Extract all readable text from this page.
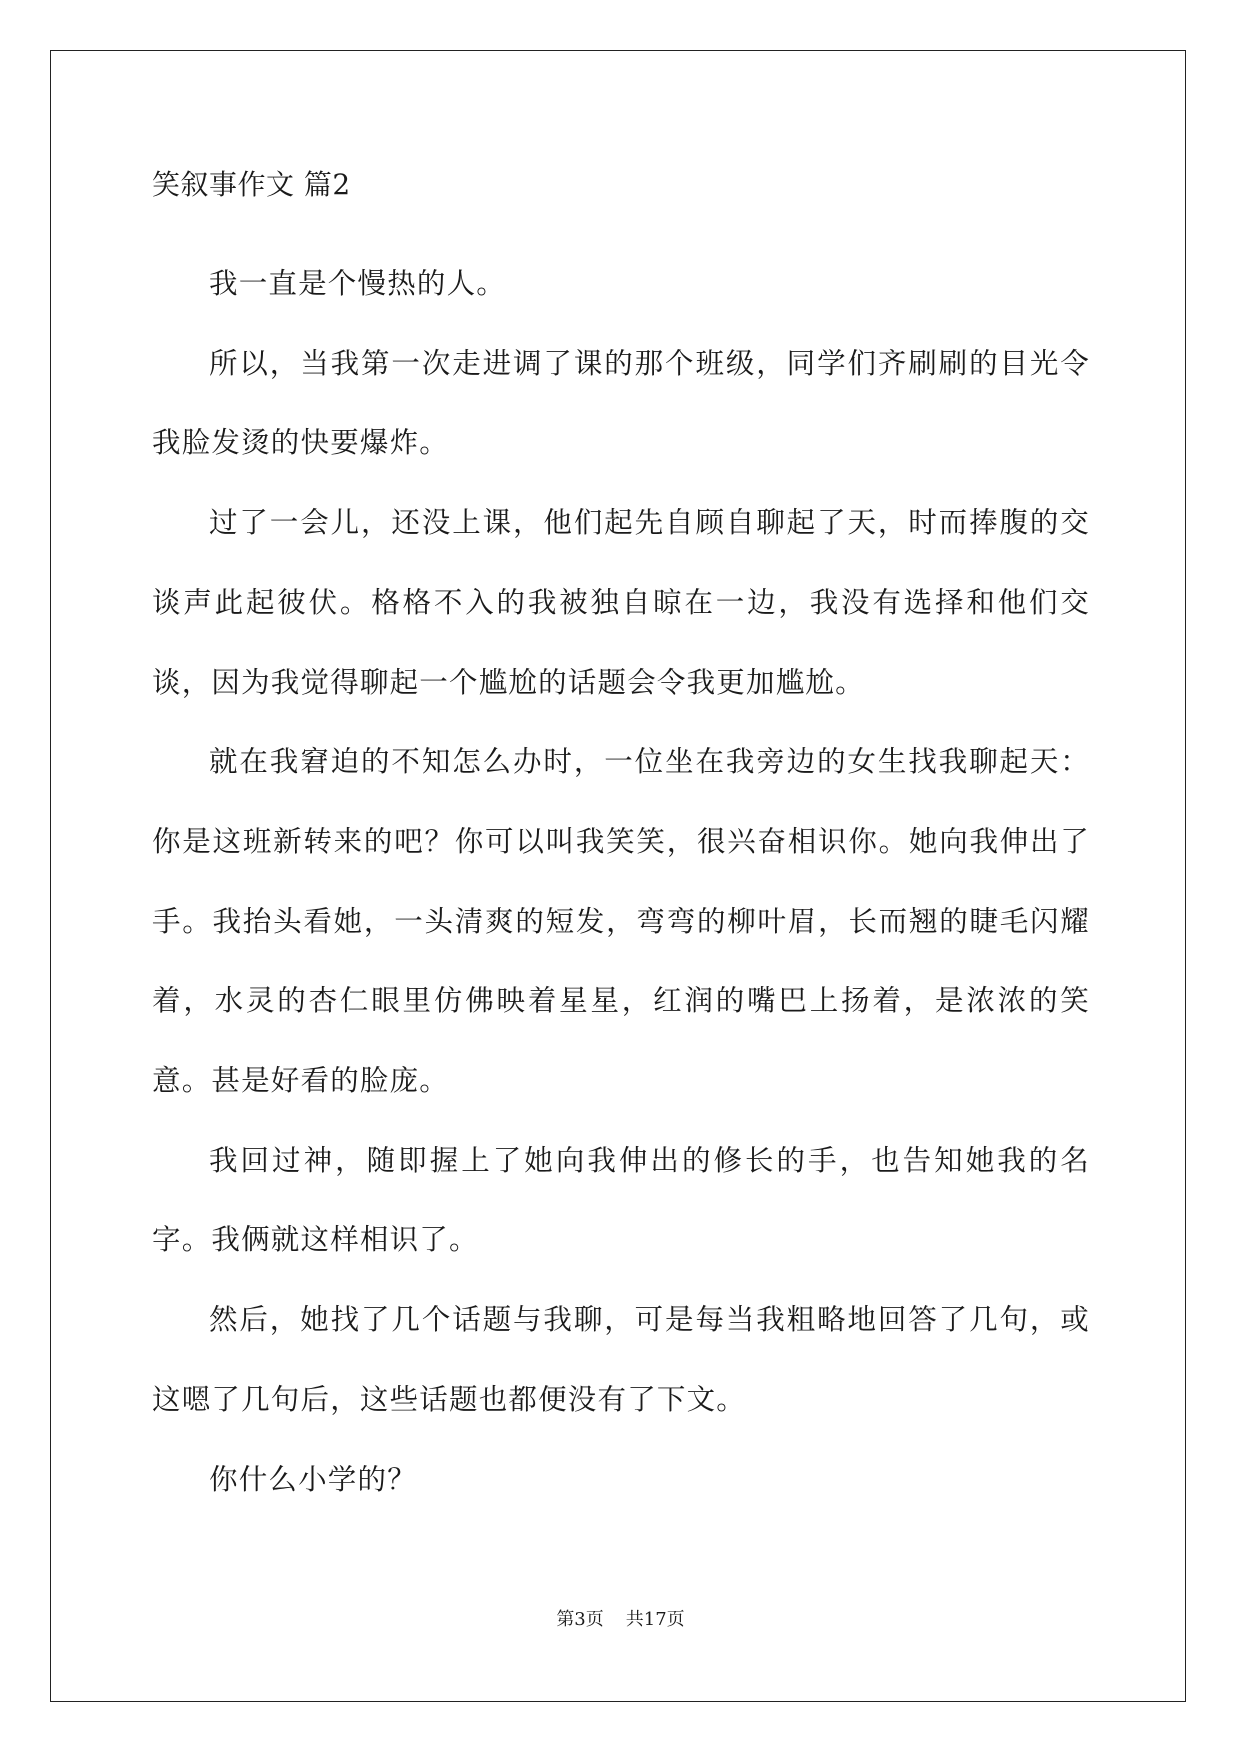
笑叙事作文 篇2

我一直是个慢热的人。

所以，当我第一次走进调了课的那个班级，同学们齐刷刷的目光令我脸发烫的快要爆炸。

过了一会儿，还没上课，他们起先自顾自聊起了天，时而捧腹的交谈声此起彼伏。格格不入的我被独自晾在一边，我没有选择和他们交谈，因为我觉得聊起一个尴尬的话题会令我更加尴尬。

就在我窘迫的不知怎么办时，一位坐在我旁边的女生找我聊起天：你是这班新转来的吧？你可以叫我笑笑，很兴奋相识你。她向我伸出了手。我抬头看她，一头清爽的短发，弯弯的柳叶眉，长而翘的睫毛闪耀着，水灵的杏仁眼里仿佛映着星星，红润的嘴巴上扬着，是浓浓的笑意。甚是好看的脸庞。

我回过神，随即握上了她向我伸出的修长的手，也告知她我的名字。我俩就这样相识了。

然后，她找了几个话题与我聊，可是每当我粗略地回答了几句，或这嗯了几句后，这些话题也都便没有了下文。

你什么小学的？

第3页 共17页
